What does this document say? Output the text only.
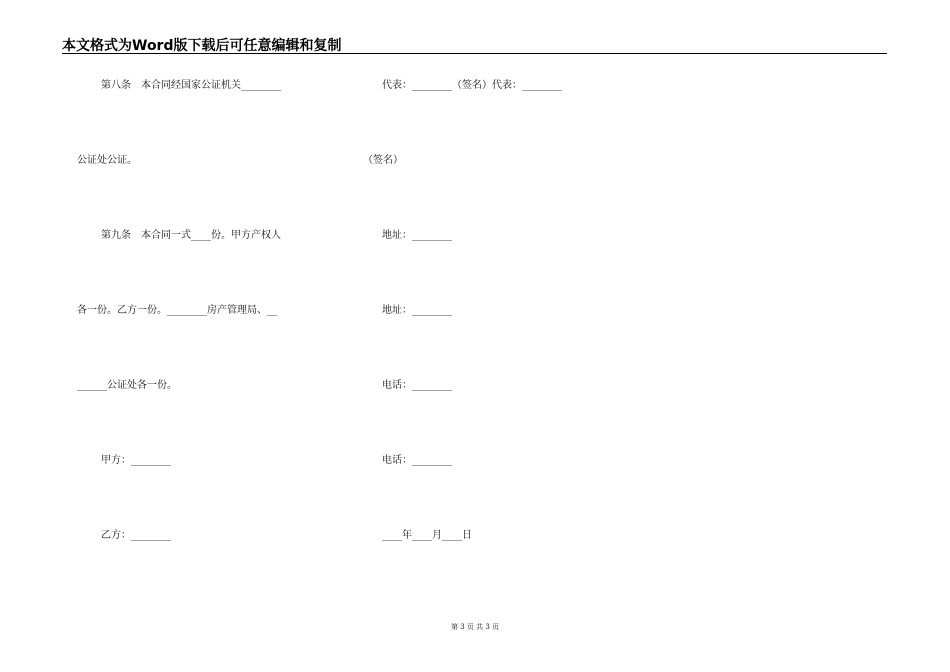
本文格式为Word版下载后可任意编辑和复制
第八条　本合同经国家公证机关________
公证处公证。
第九条　本合同一式____份。甲方产权人
各一份。乙方一份。________房产管理局、__
______公证处各一份。
甲方：________
乙方：________
代表：________（签名）代表：________
（签名）
地址：________
地址：________
电话：________
电话：________
____年____月____日
第 3 页 共 3 页
